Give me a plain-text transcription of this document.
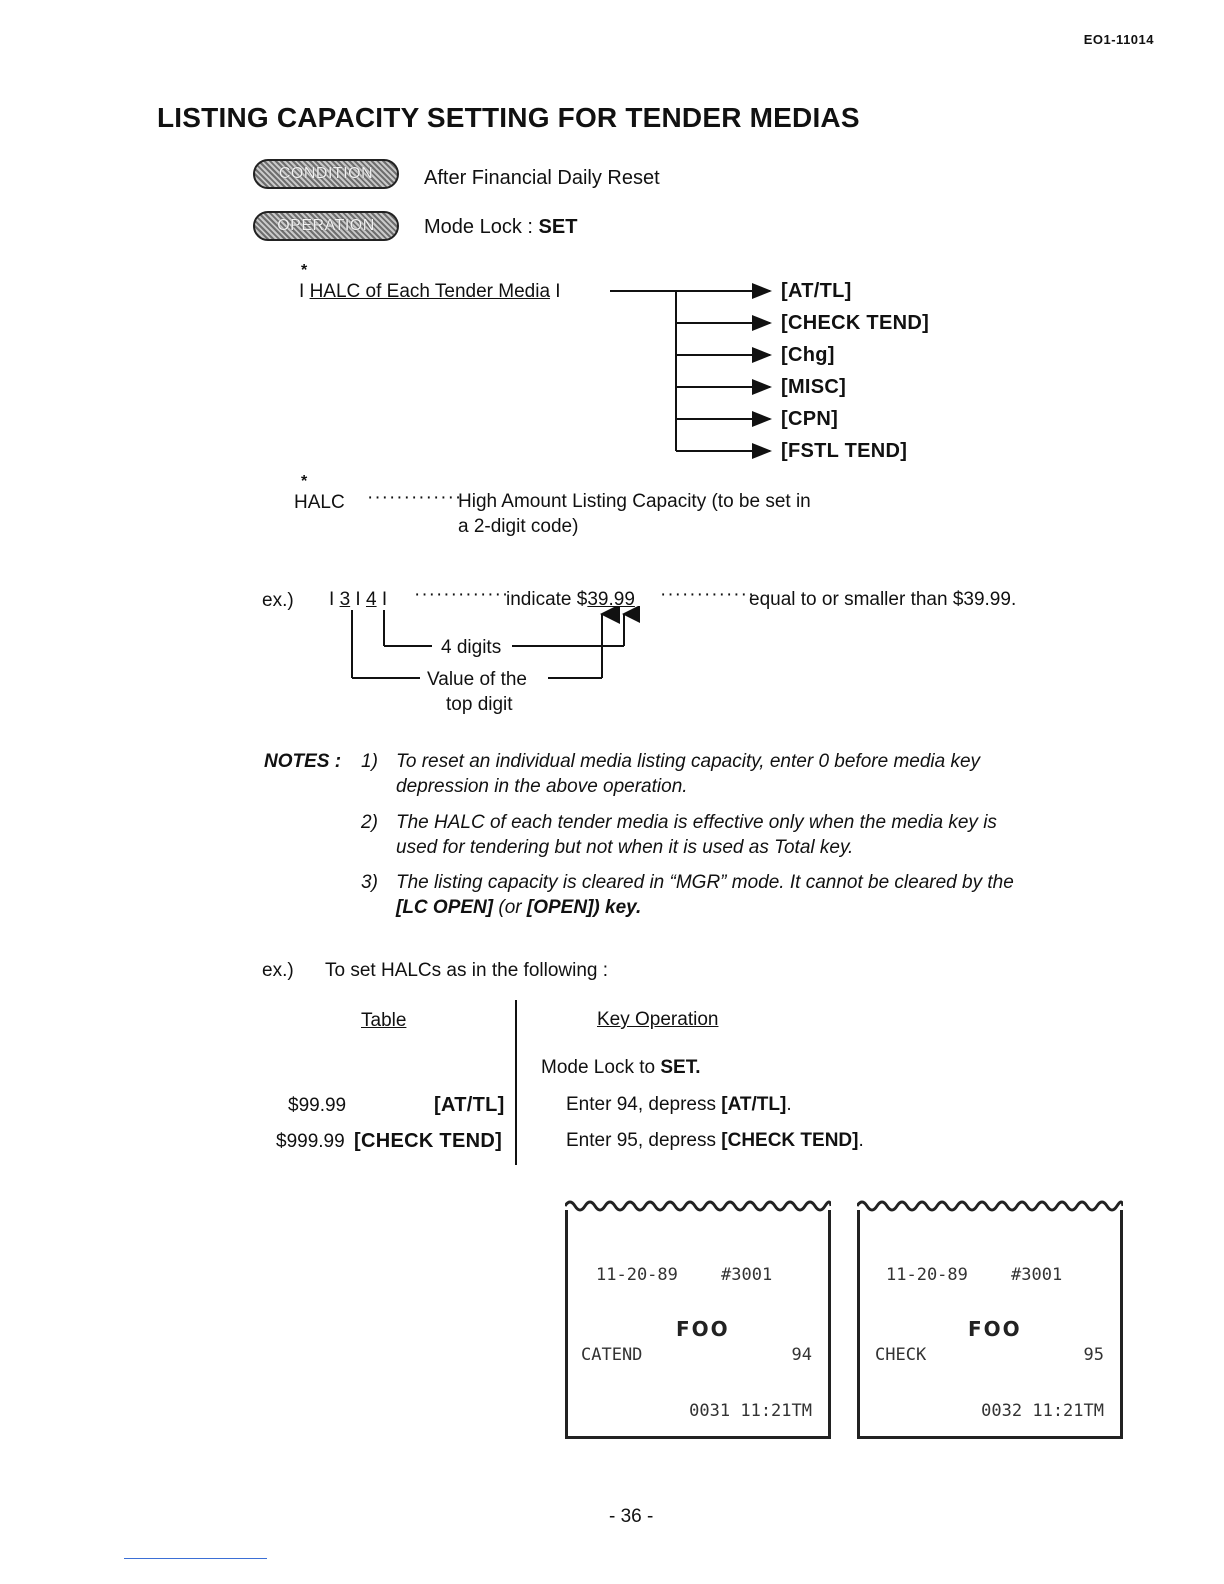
EO1-11014
LISTING CAPACITY SETTING FOR TENDER MEDIAS
CONDITION	After Financial Daily Reset
OPERATION	Mode Lock : SET
*
I HALC of Each Tender Media I	[AT/TL]
[CHECK TEND]
[Chg]
[MISC]
[CPN]
[FSTL TEND]
*
HALC ·············
High Amount Listing Capacity (to be set in
a 2-digit code)
ex.) I 3 I 4 I ·············
indicate $39.99 ·············
equal to or smaller than $39.99.
4 digits
Value of the
top digit
NOTES : 1) To reset an individual media listing capacity, enter 0 before media key
depression in the above operation.
2) The HALC of each tender media is effective only when the media key is
used for tendering but not when it is used as Total key.
3) The listing capacity is cleared in “MGR” mode. It cannot be cleared by the
[LC OPEN] (or [OPEN]) key.
ex.) To set HALCs as in the following :
Table	Key Operation
Mode Lock to SET.
$99.99	[AT/TL]	Enter 94, depress [AT/TL].
$999.99 [CHECK TEND]	Enter 95, depress [CHECK TEND].
11-20-89	#3001
FOO
CATEND	94
0031 11:21TM
11-20-89	#3001
FOO
CHECK	95
0032 11:21TM
- 36 -
